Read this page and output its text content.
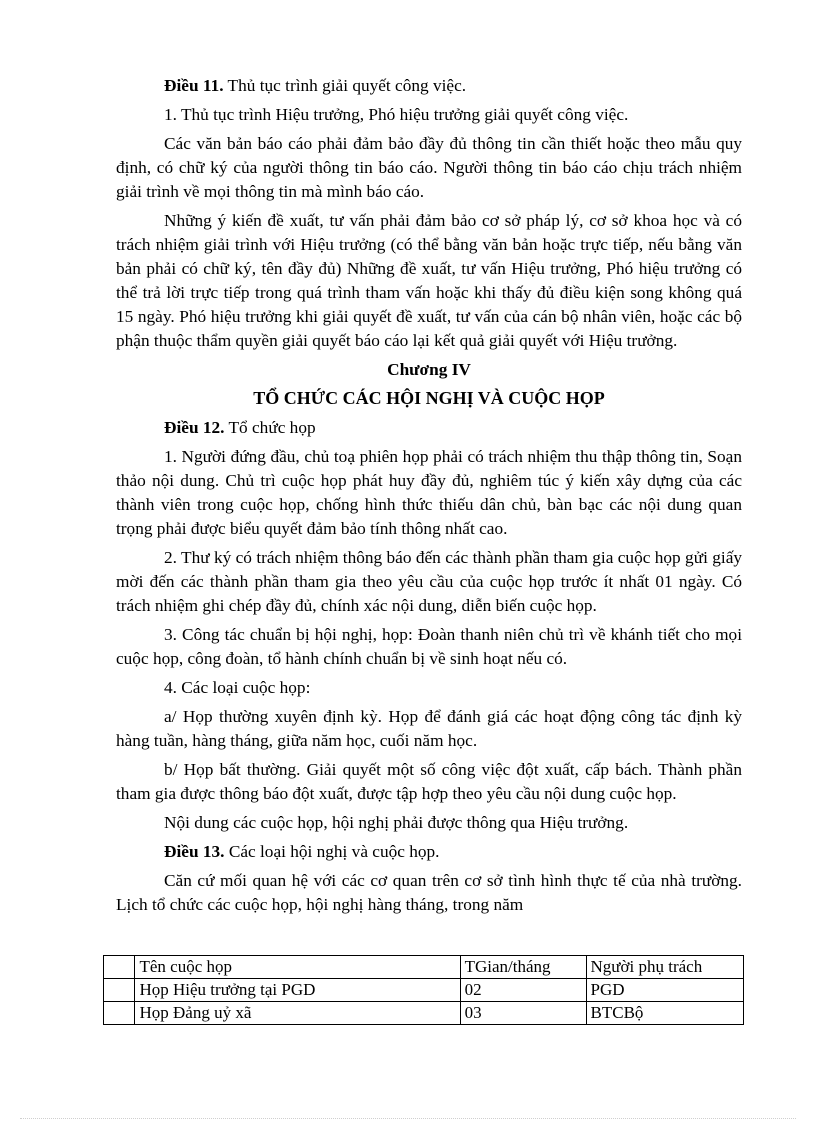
Điều 11. Thủ tục trình giải quyết công việc.

1. Thủ tục trình Hiệu trưởng, Phó hiệu trưởng giải quyết công việc.

Các văn bản báo cáo phải đảm bảo đầy đủ thông tin cần thiết hoặc theo mẫu quy định, có chữ ký của người thông tin báo cáo. Người thông tin báo cáo chịu trách nhiệm giải trình về mọi thông tin mà mình báo cáo.

Những ý kiến đề xuất, tư vấn phải đảm bảo cơ sở pháp lý, cơ sở khoa học và có trách nhiệm giải trình với Hiệu trưởng (có thể bằng văn bản hoặc trực tiếp, nếu bằng văn bản phải có chữ ký, tên đầy đủ) Những đề xuất, tư vấn Hiệu trưởng, Phó hiệu trưởng có thể trả lời trực tiếp trong quá trình tham vấn hoặc khi thấy đủ điều kiện song không quá 15 ngày. Phó hiệu trưởng khi giải quyết đề xuất, tư vấn của cán bộ nhân viên, hoặc các bộ phận thuộc thẩm quyền giải quyết báo cáo lại kết quả giải quyết với Hiệu trưởng.

Chương IV

TỔ CHỨC CÁC HỘI NGHỊ VÀ CUỘC HỌP

Điều 12. Tổ chức họp

1. Người đứng đầu, chủ toạ phiên họp phải có trách nhiệm thu thập thông tin, Soạn thảo nội dung. Chủ trì cuộc họp phát huy đầy đủ, nghiêm túc ý kiến xây dựng của các thành viên trong cuộc họp, chống hình thức thiếu dân chủ, bàn bạc các nội dung quan trọng phải được biểu quyết đảm bảo tính thông nhất cao.

2. Thư ký có trách nhiệm thông báo đến các thành phần tham gia cuộc họp gửi giấy mời đến các thành phần tham gia theo yêu cầu của cuộc họp trước ít nhất 01 ngày. Có trách nhiệm ghi chép đầy đủ, chính xác nội dung, diễn biến cuộc họp.

3. Công tác chuẩn bị hội nghị, họp: Đoàn thanh niên chủ trì về khánh tiết cho mọi cuộc họp, công đoàn, tổ hành chính chuẩn bị về sinh hoạt nếu có.

4. Các loại cuộc họp:

a/ Họp thường xuyên định kỳ. Họp để đánh giá các hoạt động công tác định kỳ hàng tuần, hàng tháng, giữa năm học, cuối năm học.

b/ Họp bất thường. Giải quyết một số công việc đột xuất, cấp bách. Thành phần tham gia được thông báo đột xuất, được tập hợp theo yêu cầu nội dung cuộc họp.

Nội dung các cuộc họp, hội nghị phải được thông qua Hiệu trưởng.

Điều 13. Các loại hội nghị và cuộc họp.

Căn cứ mối quan hệ với các cơ quan trên cơ sở tình hình thực tế của nhà trường. Lịch tổ chức các cuộc họp, hội nghị hàng tháng, trong năm

	Tên cuộc họp	TGian/tháng	Người phụ trách
	Họp Hiệu trưởng tại PGD	02	PGD
	Họp Đảng uỷ xã	03	BTCBộ
